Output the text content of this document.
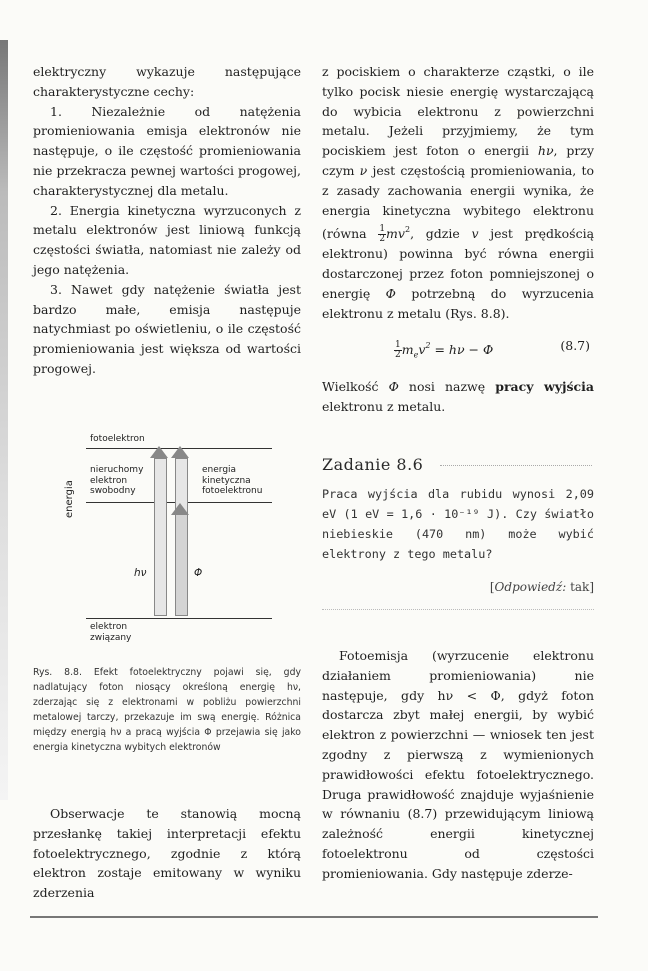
elektryczny wykazuje następujące charakterystyczne cechy:

1. Niezależnie od natężenia promieniowania emisja elektronów nie następuje, o ile częstość promieniowania nie przekracza pewnej wartości progowej, charakterystycznej dla metalu.

2. Energia kinetyczna wyrzuconych z metalu elektronów jest liniową funkcją częstości światła, natomiast nie zależy od jego natężenia.

3. Nawet gdy natężenie światła jest bardzo małe, emisja następuje natychmiast po oświetleniu, o ile częstość promieniowania jest większa od wartości progowej.

energia
fotoelektron
nieruchomy elektron swobodny
energia kinetyczna fotoelektronu
hν	Φ
elektron związany
Rys. 8.8. Efekt fotoelektryczny pojawi się, gdy nadlatujący foton niosący określoną energię hν, zderzając się z elektronami w pobliżu powierzchni metalowej tarczy, przekazuje im swą energię. Różnica między energią hν a pracą wyjścia Φ przejawia się jako energia kinetyczna wybitych elektronów

Obserwacje te stanowią mocną przesłankę takiej interpretacji efektu fotoelektrycznego, zgodnie z którą elektron zostaje emitowany w wyniku zderzenia

z pociskiem o charakterze cząstki, o ile tylko pocisk niesie energię wystarczającą do wybicia elektronu z powierzchni metalu. Jeżeli przyjmiemy, że tym pociskiem jest foton o energii hν, przy czym ν jest częstością promieniowania, to z zasady zachowania energii wynika, że energia kinetyczna wybitego elektronu (równa $\frac{1}{2} mv^2$, gdzie v jest prędkością elektronu) powinna być równa energii dostarczonej przez foton pomniejszonej o energię Φ potrzebną do wyrzucenia elektronu z metalu (Rys. 8.8).

$\frac{1}{2} m_ev^2 = h\nu - \Phi$	(8.7)

Wielkość Φ nosi nazwę pracy wyjścia elektronu z metalu.

Zadanie 8.6

Praca wyjścia dla rubidu wynosi 2,09 eV (1 eV = 1,6 · 10⁻¹⁹ J). Czy światło niebieskie (470 nm) może wybić elektrony z tego metalu?

[Odpowiedź: tak]

Fotoemisja (wyrzucenie elektronu działaniem promieniowania) nie następuje, gdy hν < Φ, gdyż foton dostarcza zbyt małej energii, by wybić elektron z powierzchni — wniosek ten jest zgodny z pierwszą z wymienionych prawidłowości efektu fotoelektrycznego. Druga prawidłowość znajduje wyjaśnienie w równaniu (8.7) przewidującym liniową zależność energii kinetycznej fotoelektronu od częstości promieniowania. Gdy następuje zderze-
